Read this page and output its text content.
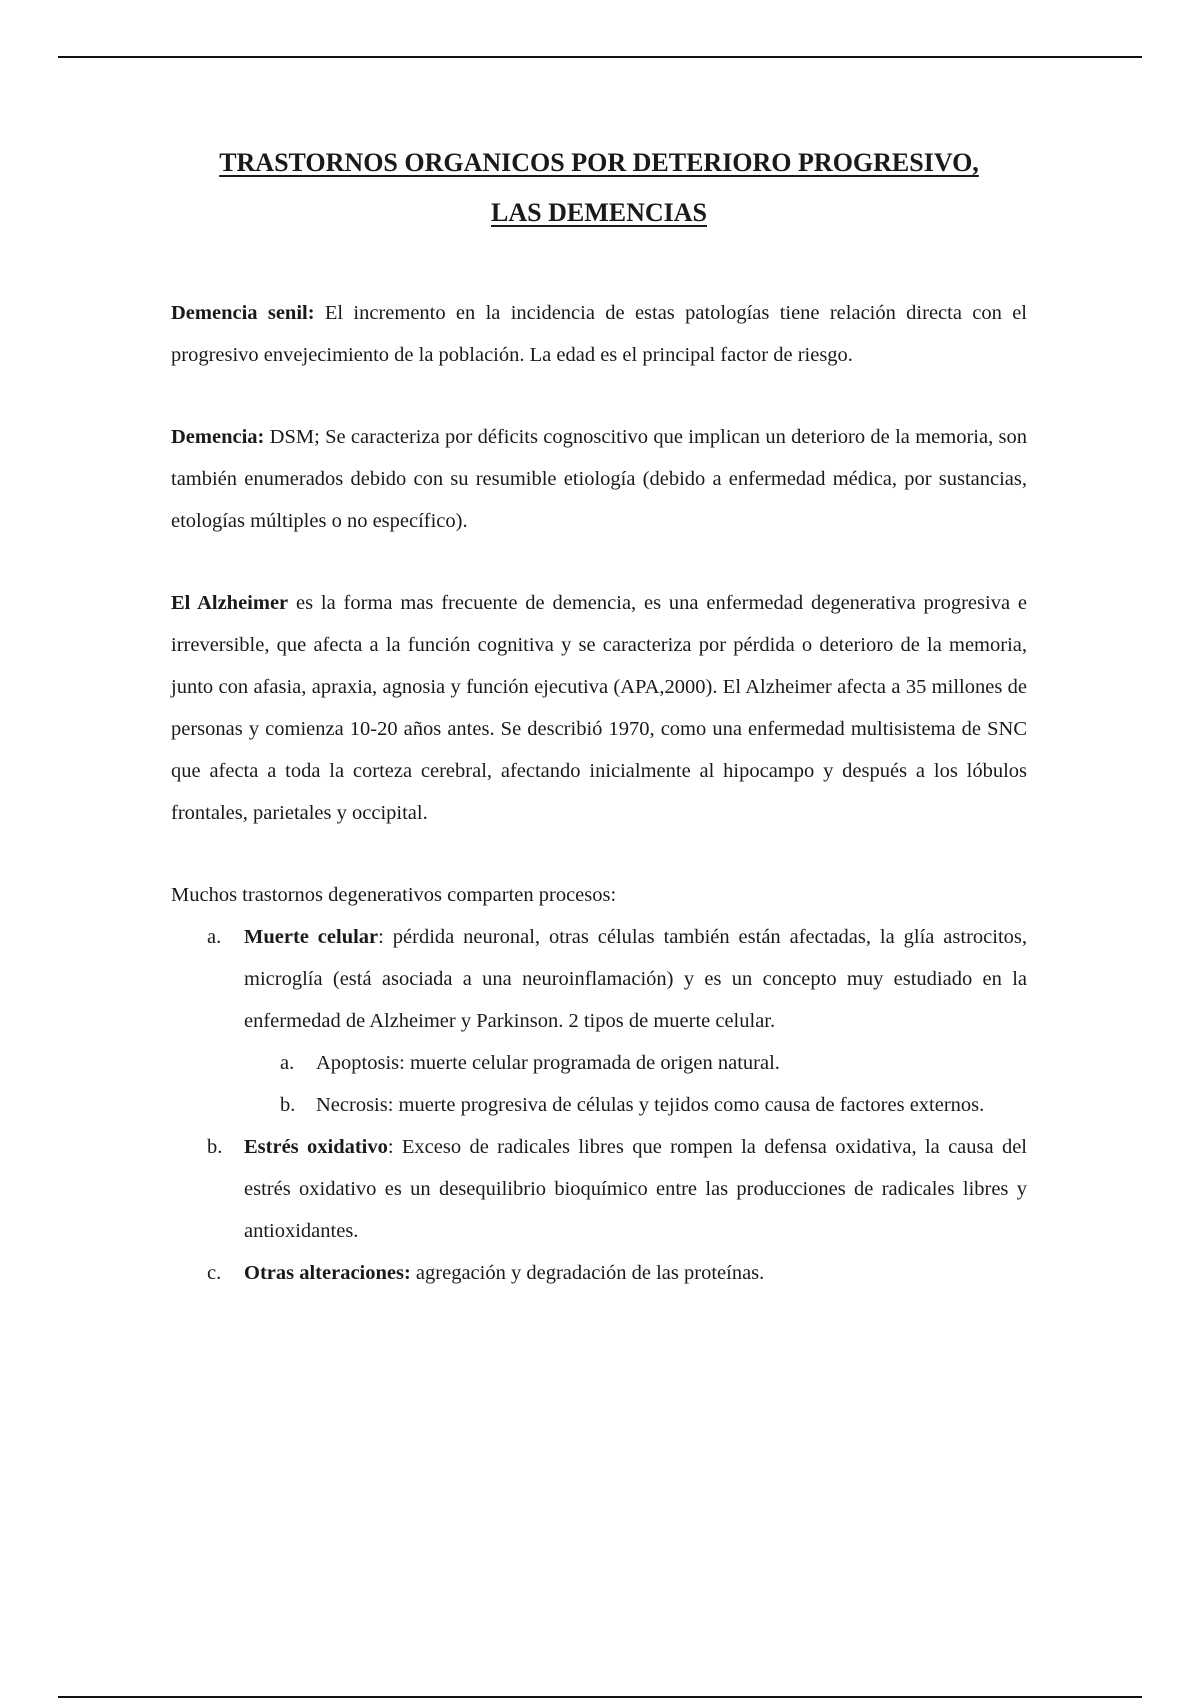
TRASTORNOS ORGANICOS POR DETERIORO PROGRESIVO,
LAS DEMENCIAS

Demencia senil: El incremento en la incidencia de estas patologías tiene relación directa con el progresivo envejecimiento de la población. La edad es el principal factor de riesgo.

Demencia: DSM; Se caracteriza por déficits cognoscitivo que implican un deterioro de la memoria, son también enumerados debido con su resumible etiología (debido a enfermedad médica, por sustancias, etologías múltiples o no específico).

El Alzheimer es la forma mas frecuente de demencia, es una enfermedad degenerativa progresiva e irreversible, que afecta a la función cognitiva y se caracteriza por pérdida o deterioro de la memoria, junto con afasia, apraxia, agnosia y función ejecutiva (APA,2000). El Alzheimer afecta a 35 millones de personas y comienza 10-20 años antes. Se describió 1970, como una enfermedad multisistema de SNC que afecta a toda la corteza cerebral, afectando inicialmente al hipocampo y después a los lóbulos frontales, parietales y occipital.

Muchos trastornos degenerativos comparten procesos:

a. Muerte celular: pérdida neuronal, otras células también están afectadas, la glía astrocitos, microglía (está asociada a una neuroinflamación) y es un concepto muy estudiado en la enfermedad de Alzheimer y Parkinson. 2 tipos de muerte celular.
a. Apoptosis: muerte celular programada de origen natural.
b. Necrosis: muerte progresiva de células y tejidos como causa de factores externos.
b. Estrés oxidativo: Exceso de radicales libres que rompen la defensa oxidativa, la causa del estrés oxidativo es un desequilibrio bioquímico entre las producciones de radicales libres y antioxidantes.
c. Otras alteraciones: agregación y degradación de las proteínas.
